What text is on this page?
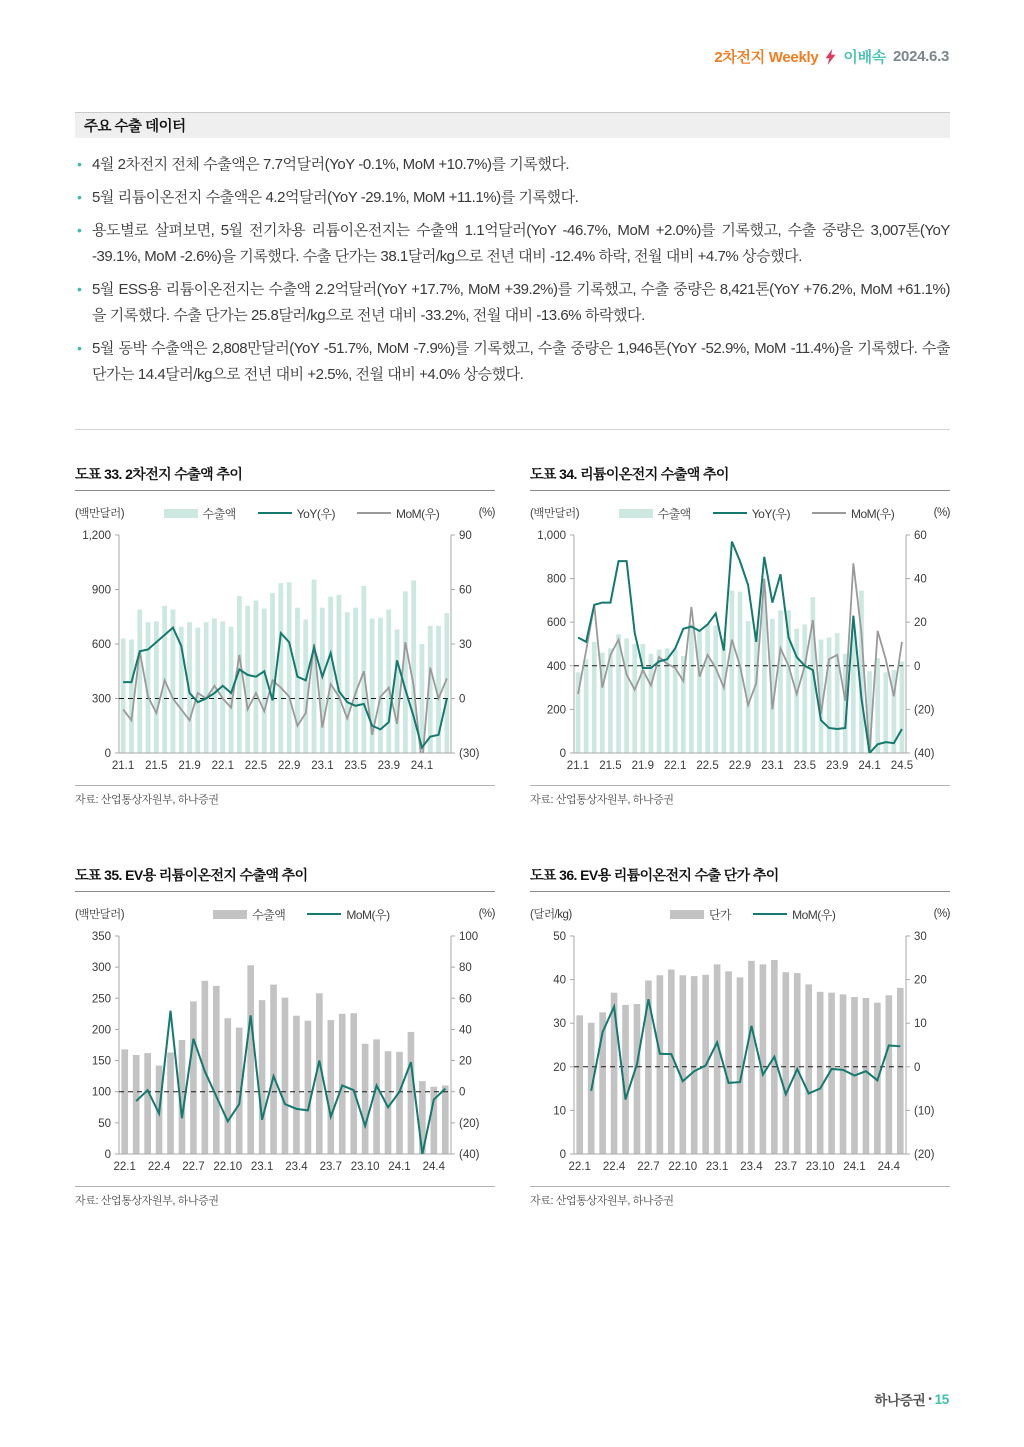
2차전지 Weekly 이배속 2024.6.3
주요 수출 데이터
• 4월 2차전지 전체 수출액은 7.7억달러(YoY -0.1%, MoM +10.7%)를 기록했다.
• 5월 리튬이온전지 수출액은 4.2억달러(YoY -29.1%, MoM +11.1%)를 기록했다.
• 용도별로 살펴보면, 5월 전기차용 리튬이온전지는 수출액 1.1억달러(YoY -46.7%, MoM +2.0%)를 기록했고, 수출 중량은 3,007톤(YoY -39.1%, MoM -2.6%)을 기록했다. 수출 단가는 38.1달러/kg으로 전년 대비 -12.4% 하락, 전월 대비 +4.7% 상승했다.
• 5월 ESS용 리튬이온전지는 수출액 2.2억달러(YoY +17.7%, MoM +39.2%)를 기록했고, 수출 중량은 8,421톤(YoY +76.2%, MoM +61.1%)을 기록했다. 수출 단가는 25.8달러/kg으로 전년 대비 -33.2%, 전월 대비 -13.6% 하락했다.
• 5월 동박 수출액은 2,808만달러(YoY -51.7%, MoM -7.9%)를 기록했고, 수출 중량은 1,946톤(YoY -52.9%, MoM -11.4%)을 기록했다. 수출 단가는 14.4달러/kg으로 전년 대비 +2.5%, 전월 대비 +4.0% 상승했다.
도표 33. 2차전지 수출액 추이
(백만달러)	수출액	YoY(우)	MoM(우)	(%)
0
300
600
900
1,200
(30)
0
30
60
90
21.1 21.5 21.9 22.1 22.5 22.9 23.1 23.5 23.9 24.1
자료: 산업통상자원부, 하나증권
도표 34. 리튬이온전지 수출액 추이
(백만달러)	수출액	YoY(우)	MoM(우)	(%)
0
200
400
600
800
1,000
(40)
(20)
0
20
40
60
21.1 21.5 21.9 22.1 22.5 22.9 23.1 23.5 23.9 24.1 24.5
자료: 산업통상자원부, 하나증권
도표 35. EV용 리튬이온전지 수출액 추이
(백만달러)	수출액	MoM(우)	(%)
0
50
100
150
200
250
300
350
(40)
(20)
0
20
40
60
80
100
22.1 22.4 22.7 22.10 23.1 23.4 23.7 23.10 24.1 24.4
자료: 산업통상자원부, 하나증권
도표 36. EV용 리튬이온전지 수출 단가 추이
(달러/kg)	단가	MoM(우)	(%)
0
10
20
30
40
50
(20)
(10)
0
10
20
30
22.1 22.4 22.7 22.10 23.1 23.4 23.7 23.10 24.1 24.4
자료: 산업통상자원부, 하나증권
하나증권 • 15
